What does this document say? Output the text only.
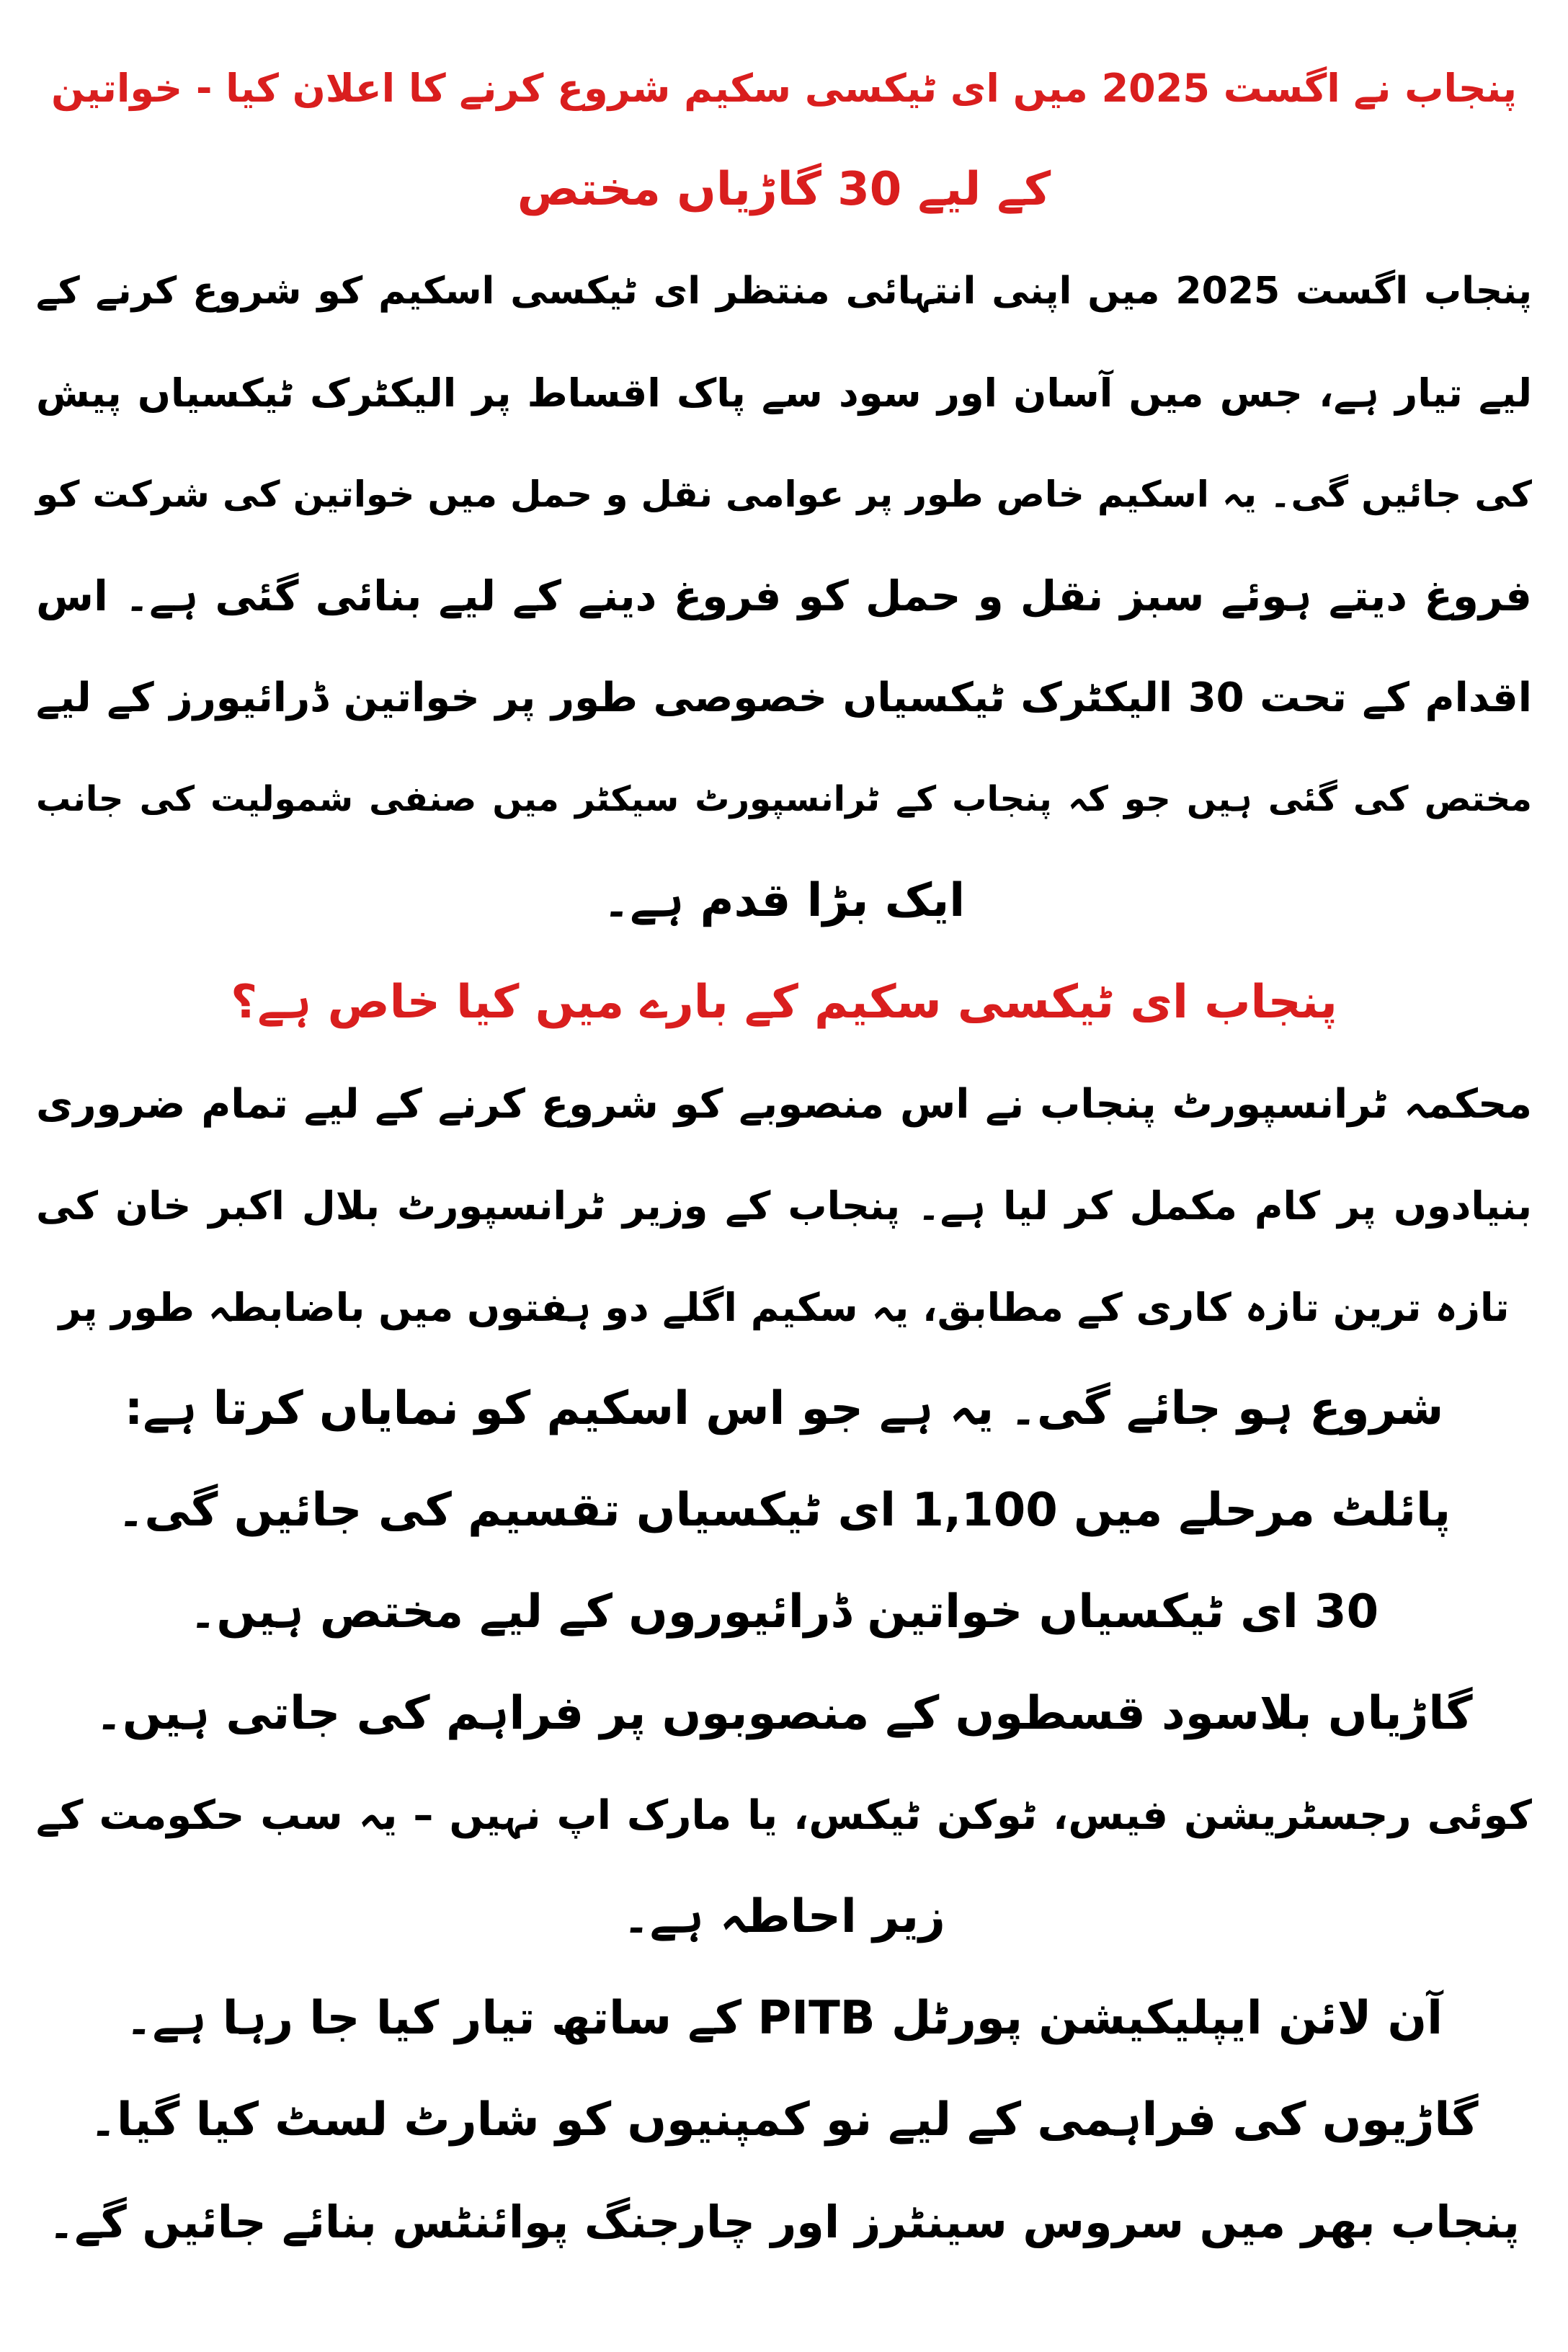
پنجاب نے اگست 2025 میں ای ٹیکسی سکیم شروع کرنے کا اعلان کیا - خواتین
کے لیے 30 گاڑیاں مختص
پنجاب اگست 2025 میں اپنی انتہائی منتظر ای ٹیکسی اسکیم کو شروع کرنے کے
لیے تیار ہے، جس میں آسان اور سود سے پاک اقساط پر الیکٹرک ٹیکسیاں پیش
کی جائیں گی۔ یہ اسکیم خاص طور پر عوامی نقل و حمل میں خواتین کی شرکت کو
فروغ دیتے ہوئے سبز نقل و حمل کو فروغ دینے کے لیے بنائی گئی ہے۔ اس
اقدام کے تحت 30 الیکٹرک ٹیکسیاں خصوصی طور پر خواتین ڈرائیورز کے لیے
مختص کی گئی ہیں جو کہ پنجاب کے ٹرانسپورٹ سیکٹر میں صنفی شمولیت کی جانب
ایک بڑا قدم ہے۔
پنجاب ای ٹیکسی سکیم کے بارے میں کیا خاص ہے؟
محکمہ ٹرانسپورٹ پنجاب نے اس منصوبے کو شروع کرنے کے لیے تمام ضروری
بنیادوں پر کام مکمل کر لیا ہے۔ پنجاب کے وزیر ٹرانسپورٹ بلال اکبر خان کی
تازہ ترین تازہ کاری کے مطابق، یہ سکیم اگلے دو ہفتوں میں باضابطہ طور پر
شروع ہو جائے گی۔ یہ ہے جو اس اسکیم کو نمایاں کرتا ہے:
پائلٹ مرحلے میں 1,100 ای ٹیکسیاں تقسیم کی جائیں گی۔
30 ای ٹیکسیاں خواتین ڈرائیوروں کے لیے مختص ہیں۔
گاڑیاں بلاسود قسطوں کے منصوبوں پر فراہم کی جاتی ہیں۔
کوئی رجسٹریشن فیس، ٹوکن ٹیکس، یا مارک اپ نہیں – یہ سب حکومت کے
زیر احاطہ ہے۔
آن لائن ایپلیکیشن پورٹل PITB کے ساتھ تیار کیا جا رہا ہے۔
گاڑیوں کی فراہمی کے لیے نو کمپنیوں کو شارٹ لسٹ کیا گیا۔
پنجاب بھر میں سروس سینٹرز اور چارجنگ پوائنٹس بنائے جائیں گے۔
